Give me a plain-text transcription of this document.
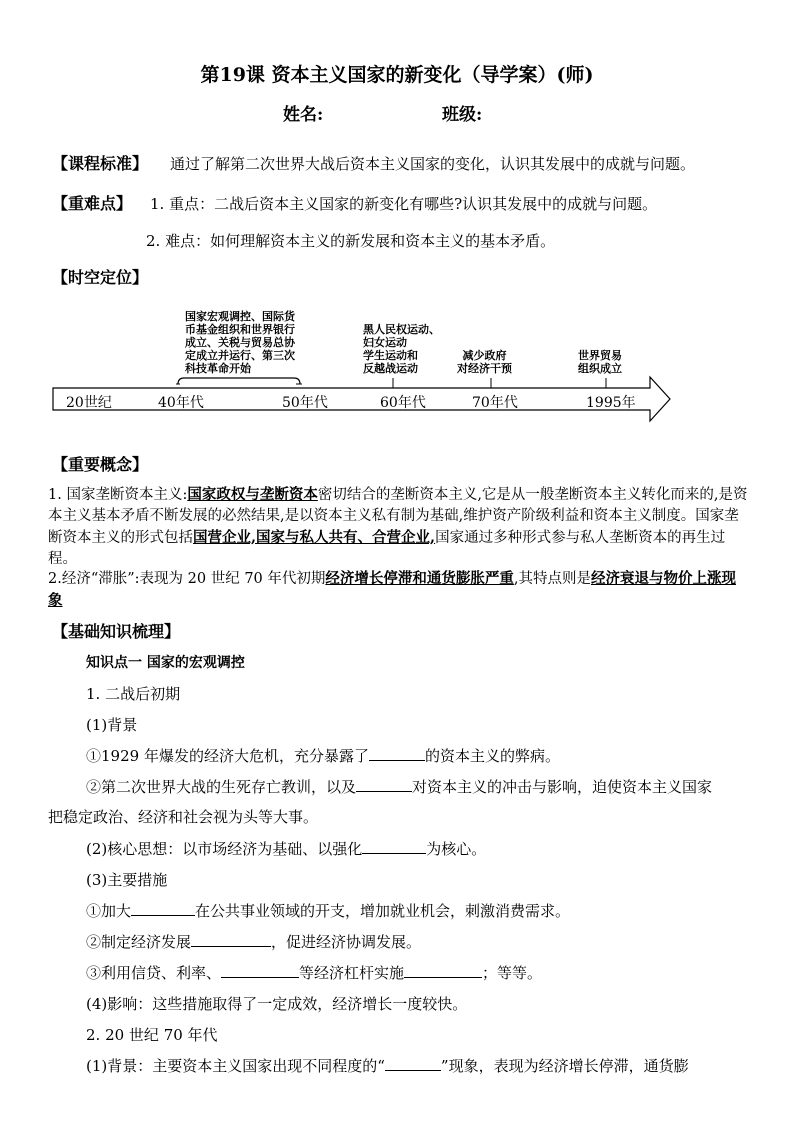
第19课 资本主义国家的新变化（导学案）(师)
姓名:	班级:
【课程标准】 通过了解第二次世界大战后资本主义国家的变化，认识其发展中的成就与问题。
【重难点】 1. 重点：二战后资本主义国家的新变化有哪些?认识其发展中的成就与问题。
2. 难点：如何理解资本主义的新发展和资本主义的基本矛盾。
【时空定位】
20世纪	40年代	50年代	60年代	70年代	1995年
国家宏观调控、国际货
币基金组织和世界银行
成立、关税与贸易总协
定成立并运行、第三次
科技革命开始
黑人民权运动、
妇女运动
学生运动和
反越战运动
减少政府
对经济干预
世界贸易
组织成立
【重要概念】
1. 国家垄断资本主义:国家政权与垄断资本密切结合的垄断资本主义,它是从一般垄断资本主义转化而来的,是资本主义基本矛盾不断发展的必然结果,是以资本主义私有制为基础,维护资产阶级利益和资本主义制度。国家垄断资本主义的形式包括国营企业,国家与私人共有、合营企业,国家通过多种形式参与私人垄断资本的再生过程。
2.经济“滞胀”:表现为 20 世纪 70 年代初期经济增长停滞和通货膨胀严重,其特点则是经济衰退与物价上涨现象
【基础知识梳理】
知识点一 国家的宏观调控
1. 二战后初期
(1)背景
①1929 年爆发的经济大危机，充分暴露了	的资本主义的弊病。
②第二次世界大战的生死存亡教训，以及	对资本主义的冲击与影响，迫使资本主义国家
把稳定政治、经济和社会视为头等大事。
(2)核心思想：以市场经济为基础、以强化	为核心。
(3)主要措施
①加大	在公共事业领域的开支，增加就业机会，刺激消费需求。
②制定经济发展	，促进经济协调发展。
③利用信贷、利率、	等经济杠杆实施	；等等。
(4)影响：这些措施取得了一定成效，经济增长一度较快。
2. 20 世纪 70 年代
(1)背景：主要资本主义国家出现不同程度的“	”现象，表现为经济增长停滞，通货膨
